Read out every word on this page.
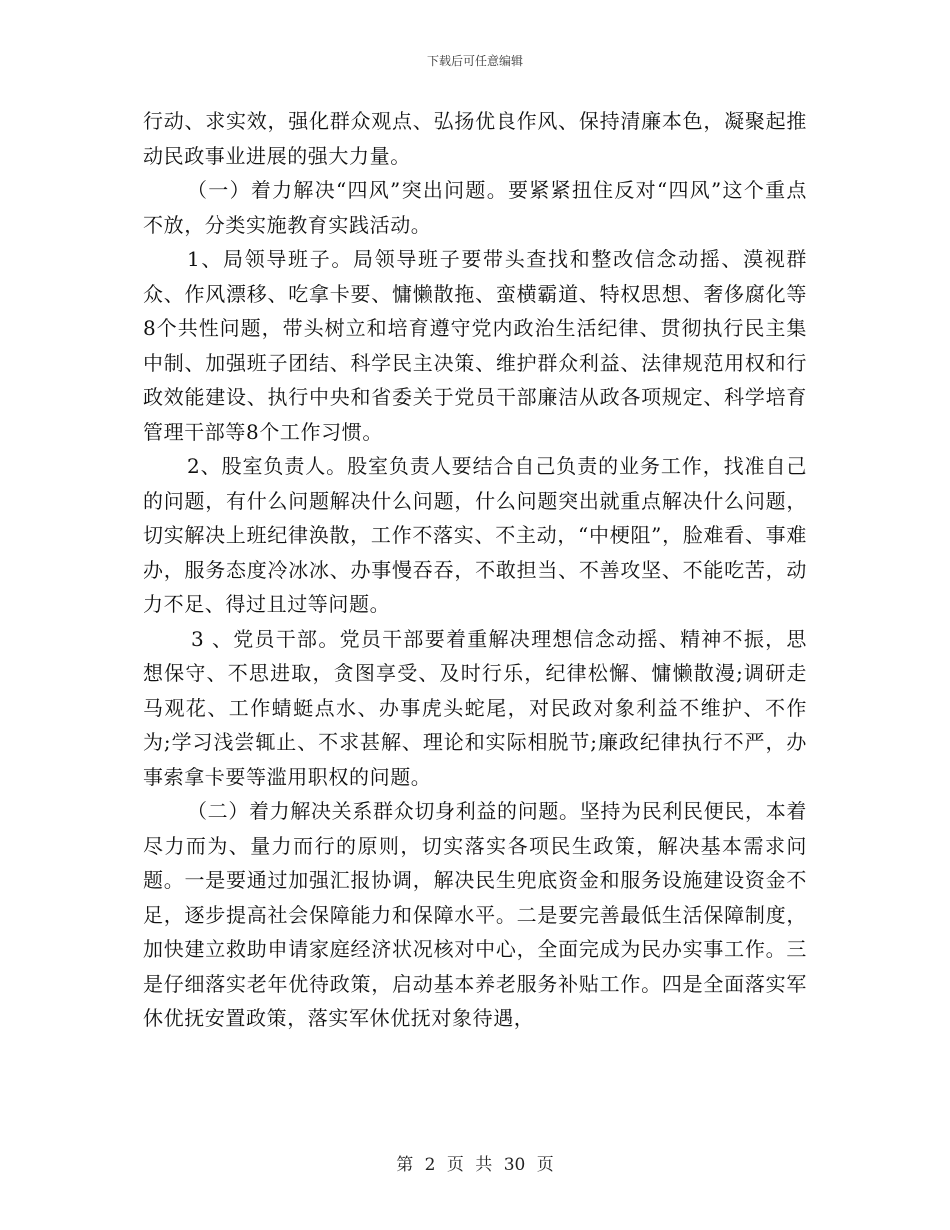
下载后可任意编辑

行动、求实效，强化群众观点、弘扬优良作风、保持清廉本色，凝聚起推动民政事业进展的强大力量。

（一）着力解决“四风”突出问题。要紧紧扭住反对“四风”这个重点不放，分类实施教育实践活动。

1、局领导班子。局领导班子要带头查找和整改信念动摇、漠视群众、作风漂移、吃拿卡要、慵懒散拖、蛮横霸道、特权思想、奢侈腐化等8个共性问题，带头树立和培育遵守党内政治生活纪律、贯彻执行民主集中制、加强班子团结、科学民主决策、维护群众利益、法律规范用权和行政效能建设、执行中央和省委关于党员干部廉洁从政各项规定、科学培育管理干部等8个工作习惯。

2、股室负责人。股室负责人要结合自己负责的业务工作，找准自己的问题，有什么问题解决什么问题，什么问题突出就重点解决什么问题，切实解决上班纪律涣散，工作不落实、不主动，“中梗阻”，脸难看、事难办，服务态度冷冰冰、办事慢吞吞，不敢担当、不善攻坚、不能吃苦，动力不足、得过且过等问题。

3 、党员干部。党员干部要着重解决理想信念动摇、精神不振，思想保守、不思进取，贪图享受、及时行乐，纪律松懈、慵懒散漫;调研走马观花、工作蜻蜓点水、办事虎头蛇尾，对民政对象利益不维护、不作为;学习浅尝辄止、不求甚解、理论和实际相脱节;廉政纪律执行不严，办事索拿卡要等滥用职权的问题。

（二）着力解决关系群众切身利益的问题。坚持为民利民便民，本着尽力而为、量力而行的原则，切实落实各项民生政策，解决基本需求问题。一是要通过加强汇报协调，解决民生兜底资金和服务设施建设资金不足，逐步提高社会保障能力和保障水平。二是要完善最低生活保障制度，加快建立救助申请家庭经济状况核对中心，全面完成为民办实事工作。三是仔细落实老年优待政策，启动基本养老服务补贴工作。四是全面落实军休优抚安置政策，落实军休优抚对象待遇，

第 2 页 共 30 页
